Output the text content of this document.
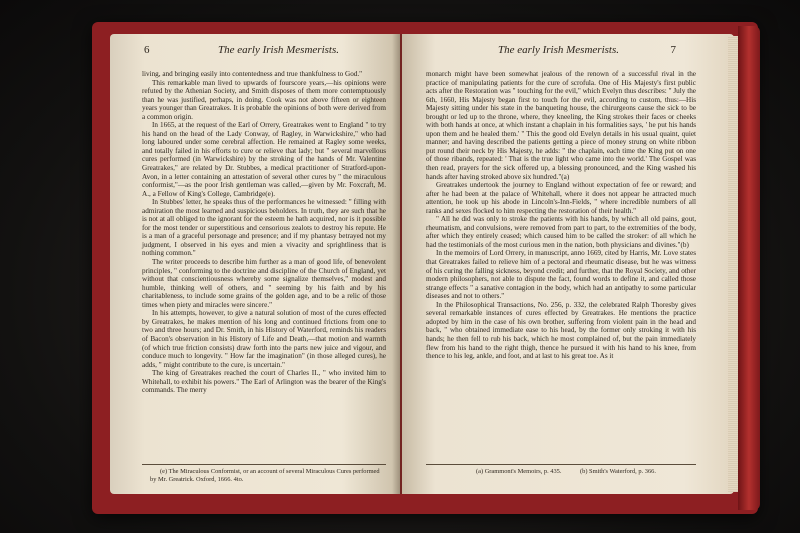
6	The early Irish Mesmerists.

living, and bringing easily into contentedness and true thankfulness to God."

This remarkable man lived to upwards of fourscore years,—his opinions were refuted by the Athenian Society, and Smith disposes of them more contemptuously than he was justified, perhaps, in doing. Cook was not above fifteen or eighteen years younger than Greatrakes. It is probable the opinions of both were derived from a common origin.

In 1665, at the request of the Earl of Orrery, Greatrakes went to England " to try his hand on the head of the Lady Conway, of Ragley, in Warwickshire," who had long laboured under some cerebral affection. He remained at Ragley some weeks, and totally failed in his efforts to cure or relieve that lady; but " several marvellous cures performed (in Warwickshire) by the stroking of the hands of Mr. Valentine Greatrakes," are related by Dr. Stubbes, a medical practitioner of Stratford-upon-Avon, in a letter containing an attestation of several other cures by " the miraculous conformist,"—as the poor Irish gentleman was called,—given by Mr. Foxcraft, M. A., a Fellow of King's College, Cambridge(e).

In Stubbes' letter, he speaks thus of the performances he witnessed: " filling with admiration the most learned and suspicious beholders. In truth, they are such that he is not at all obliged to the ignorant for the esteem he hath acquired, nor is it possible for the most tender or superstitious and censorious zealots to destroy his repute. He is a man of a graceful personage and presence; and if my phantasy betrayed not my judgment, I observed in his eyes and mien a vivacity and sprightliness that is nothing common."

The writer proceeds to describe him further as a man of good life, of benevolent principles, " conforming to the doctrine and discipline of the Church of England, yet without that conscientiousness whereby some signalize themselves," modest and humble, thinking well of others, and " seeming by his faith and by his charitableness, to include some grains of the golden age, and to be a relic of those times when piety and miracles were sincere."

In his attempts, however, to give a natural solution of most of the cures effected by Greatrakes, he makes mention of his long and continued frictions from one to two and three hours; and Dr. Smith, in his History of Waterford, reminds his readers of Bacon's observation in his History of Life and Death,—that motion and warmth (of which true friction consists) draw forth into the parts new juice and vigour, and conduce much to longevity. " How far the imagination" (in those alleged cures), he adds, " might contribute to the cure, is uncertain."

The king of Greatrakes reached the court of Charles II., " who invited him to Whitehall, to exhibit his powers." The Earl of Arlington was the bearer of the King's commands. The merry

(e) The Miraculous Conformist, or an account of several Miraculous Cures performed by Mr. Greatrick. Oxford, 1666. 4to.
The early Irish Mesmerists.	7

monarch might have been somewhat jealous of the renown of a successful rival in the practice of manipulating patients for the cure of scrofula. One of His Majesty's first public acts after the Restoration was " touching for the evil," which Evelyn thus describes: " July the 6th, 1660, His Majesty began first to touch for the evil, according to custom, thus:—His Majesty sitting under his state in the banqueting house, the chirurgeons cause the sick to be brought or led up to the throne, where, they kneeling, the King strokes their faces or cheeks with both hands at once, at which instant a chaplain in his formalities says, ' he put his hands upon them and he healed them.' " This the good old Evelyn details in his usual quaint, quiet manner; and having described the patients getting a piece of money strung on white ribbon put round their neck by His Majesty, he adds: " the chaplain, each time the King put on one of those ribands, repeated: ' That is the true light who came into the world.' The Gospel was then read, prayers for the sick offered up, a blessing pronounced, and the King washed his hands after having stroked above six hundred."(a)

Greatrakes undertook the journey to England without expectation of fee or reward; and after he had been at the palace of Whitehall, where it does not appear he attracted much attention, he took up his abode in Lincoln's-Inn-Fields, " where incredible numbers of all ranks and sexes flocked to him respecting the restoration of their health."

" All he did was only to stroke the patients with his hands, by which all old pains, gout, rheumatism, and convulsions, were removed from part to part, to the extremities of the body, after which they entirely ceased; which caused him to be called the stroker: of all which he had the testimonials of the most curious men in the nation, both physicians and divines."(b)

In the memoirs of Lord Orrery, in manuscript, anno 1669, cited by Harris, Mr. Love states that Greatrakes failed to relieve him of a pectoral and rheumatic disease, but he was witness of his curing the falling sickness, beyond credit; and further, that the Royal Society, and other modern philosophers, not able to dispute the fact, found words to define it, and called those strange effects " a sanative contagion in the body, which had an antipathy to some particular diseases and not to others."

In the Philosophical Transactions, No. 256, p. 332, the celebrated Ralph Thoresby gives several remarkable instances of cures effected by Greatrakes. He mentions the practice adopted by him in the case of his own brother, suffering from violent pain in the head and back, " who obtained immediate ease to his head, by the former only stroking it with his hands; he then fell to rub his back, which he most complained of, but the pain immediately flew from his hand to the right thigh, thence he pursued it with his hand to his knee, from thence to his leg, ankle, and foot, and at last to his great toe. As it

(a) Grammont's Memoirs, p. 435.	(b) Smith's Waterford, p. 366.
